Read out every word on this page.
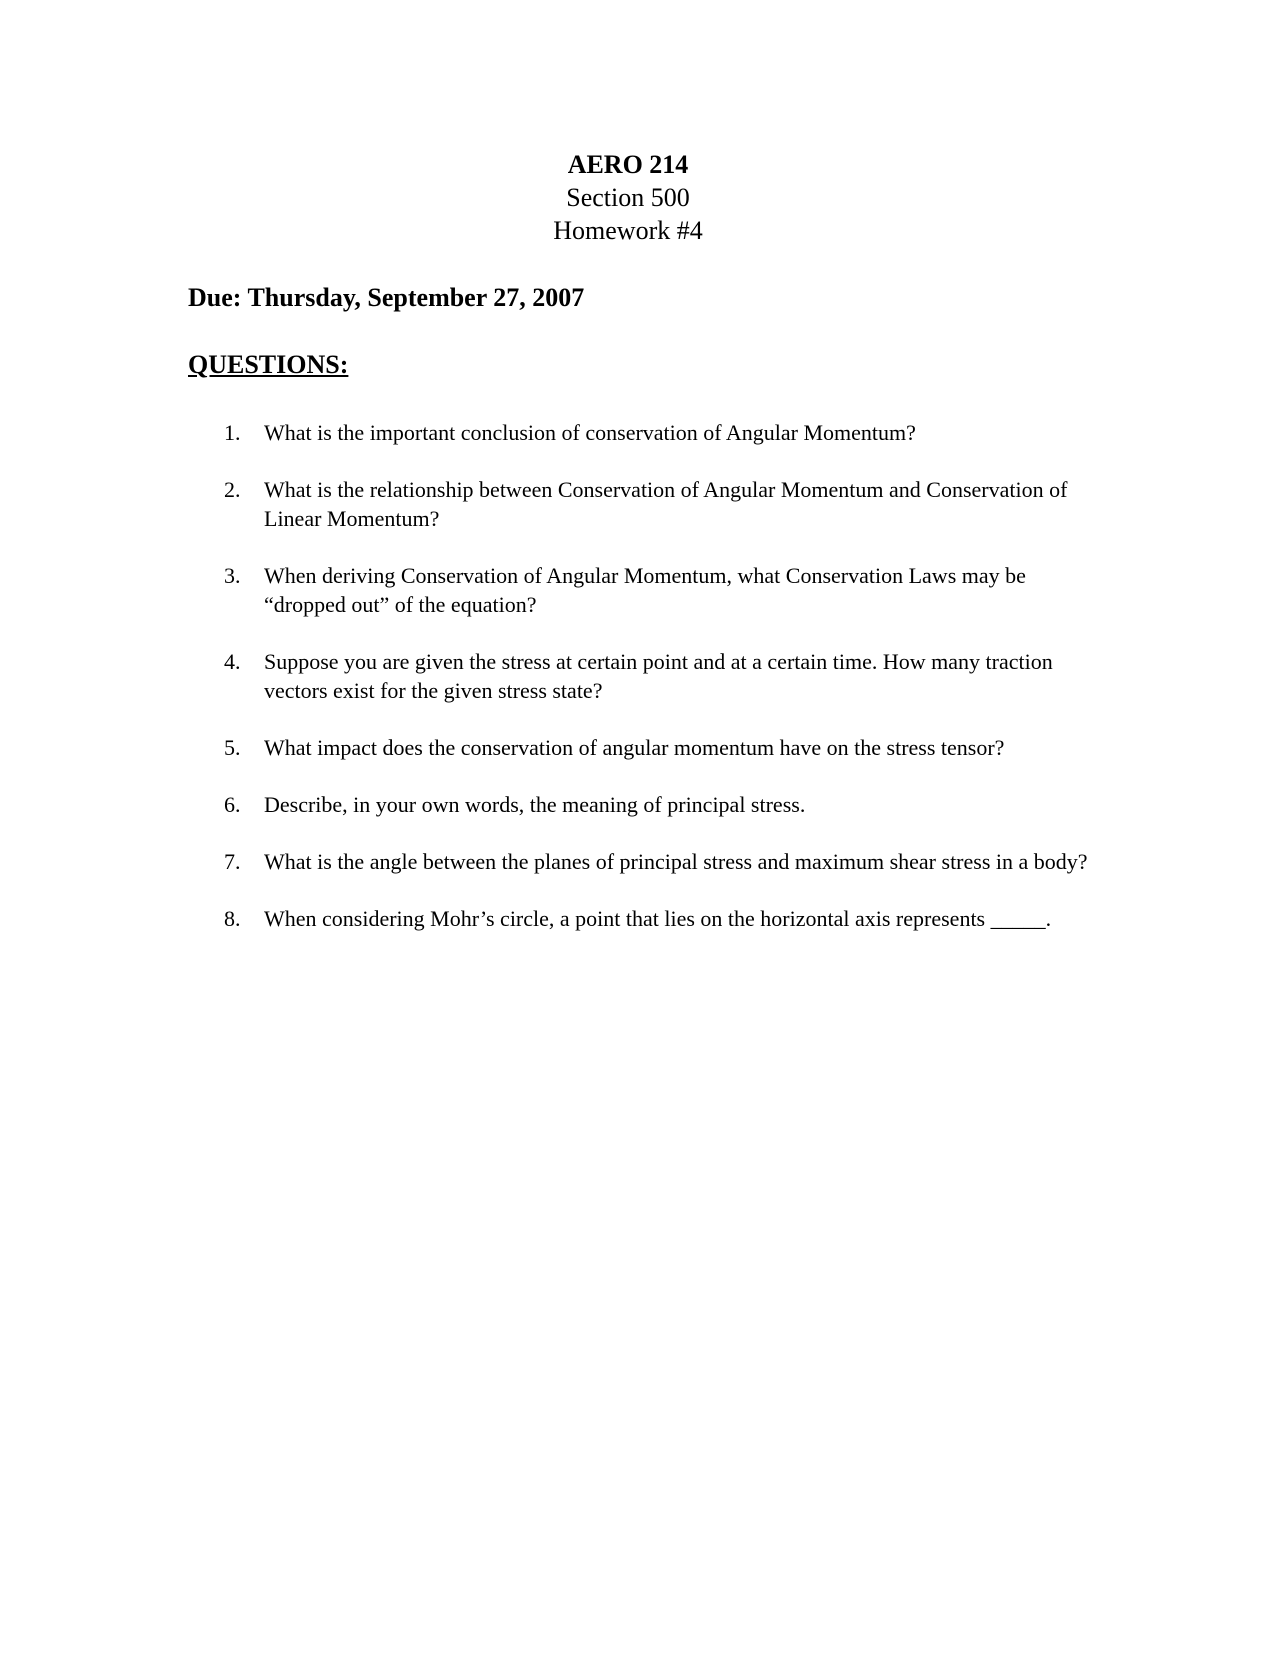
AERO 214
Section 500
Homework #4
Due: Thursday, September 27, 2007
QUESTIONS:
1.	What is the important conclusion of conservation of Angular Momentum?
2.	What is the relationship between Conservation of Angular Momentum and Conservation of Linear Momentum?
3.	When deriving Conservation of Angular Momentum, what Conservation Laws may be “dropped out” of the equation?
4.	Suppose you are given the stress at certain point and at a certain time. How many traction vectors exist for the given stress state?
5.	What impact does the conservation of angular momentum have on the stress tensor?
6.	Describe, in your own words, the meaning of principal stress.
7.	What is the angle between the planes of principal stress and maximum shear stress in a body?
8.	When considering Mohr’s circle, a point that lies on the horizontal axis represents _____.
